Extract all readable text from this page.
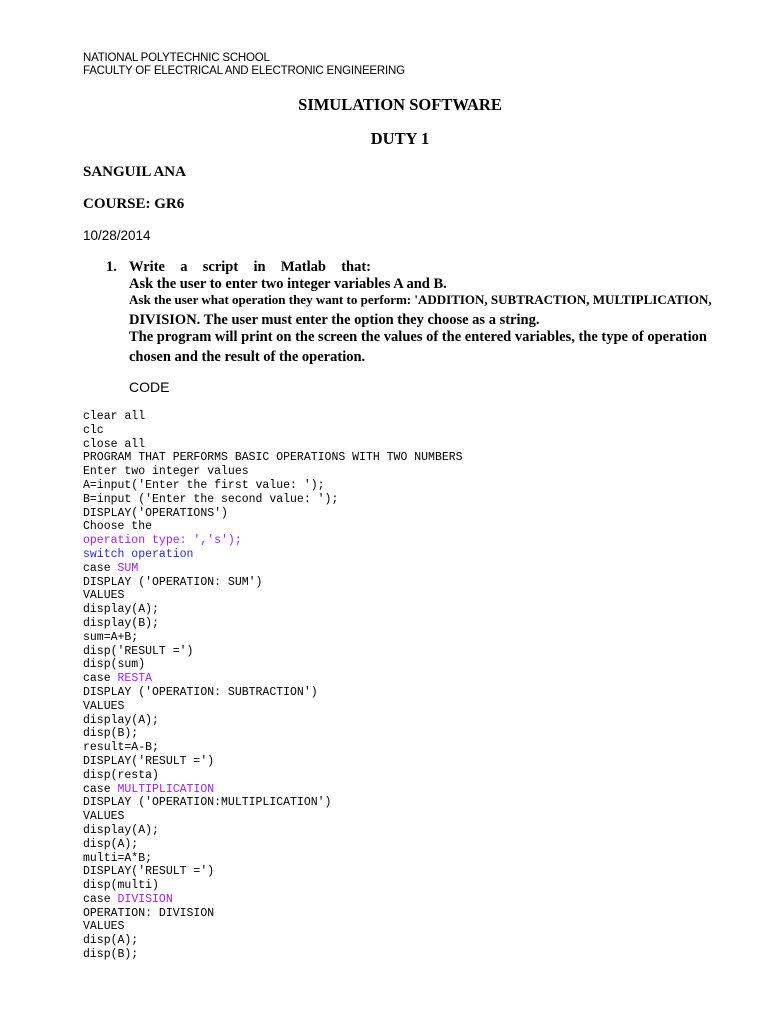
NATIONAL POLYTECHNIC SCHOOL
FACULTY OF ELECTRICAL AND ELECTRONIC ENGINEERING
SIMULATION SOFTWARE
DUTY 1
SANGUIL ANA
COURSE: GR6
10/28/2014
1. Write a script in Matlab that:
Ask the user to enter two integer variables A and B.
Ask the user what operation they want to perform: 'ADDITION, SUBTRACTION, MULTIPLICATION,
DIVISION. The user must enter the option they choose as a string.
The program will print on the screen the values of the entered variables, the type of operation
chosen and the result of the operation.
CODE
clear all
clc
close all
PROGRAM THAT PERFORMS BASIC OPERATIONS WITH TWO NUMBERS
Enter two integer values
A=input('Enter the first value: ');
B=input ('Enter the second value: ');
DISPLAY('OPERATIONS')
Choose the
operation type: ','s');
switch operation
case SUM
DISPLAY ('OPERATION: SUM')
VALUES
display(A);
display(B);
sum=A+B;
disp('RESULT =')
disp(sum)
case RESTA
DISPLAY ('OPERATION: SUBTRACTION')
VALUES
display(A);
disp(B);
result=A-B;
DISPLAY('RESULT =')
disp(resta)
case MULTIPLICATION
DISPLAY ('OPERATION:MULTIPLICATION')
VALUES
display(A);
disp(A);
multi=A*B;
DISPLAY('RESULT =')
disp(multi)
case DIVISION
OPERATION: DIVISION
VALUES
disp(A);
disp(B);
